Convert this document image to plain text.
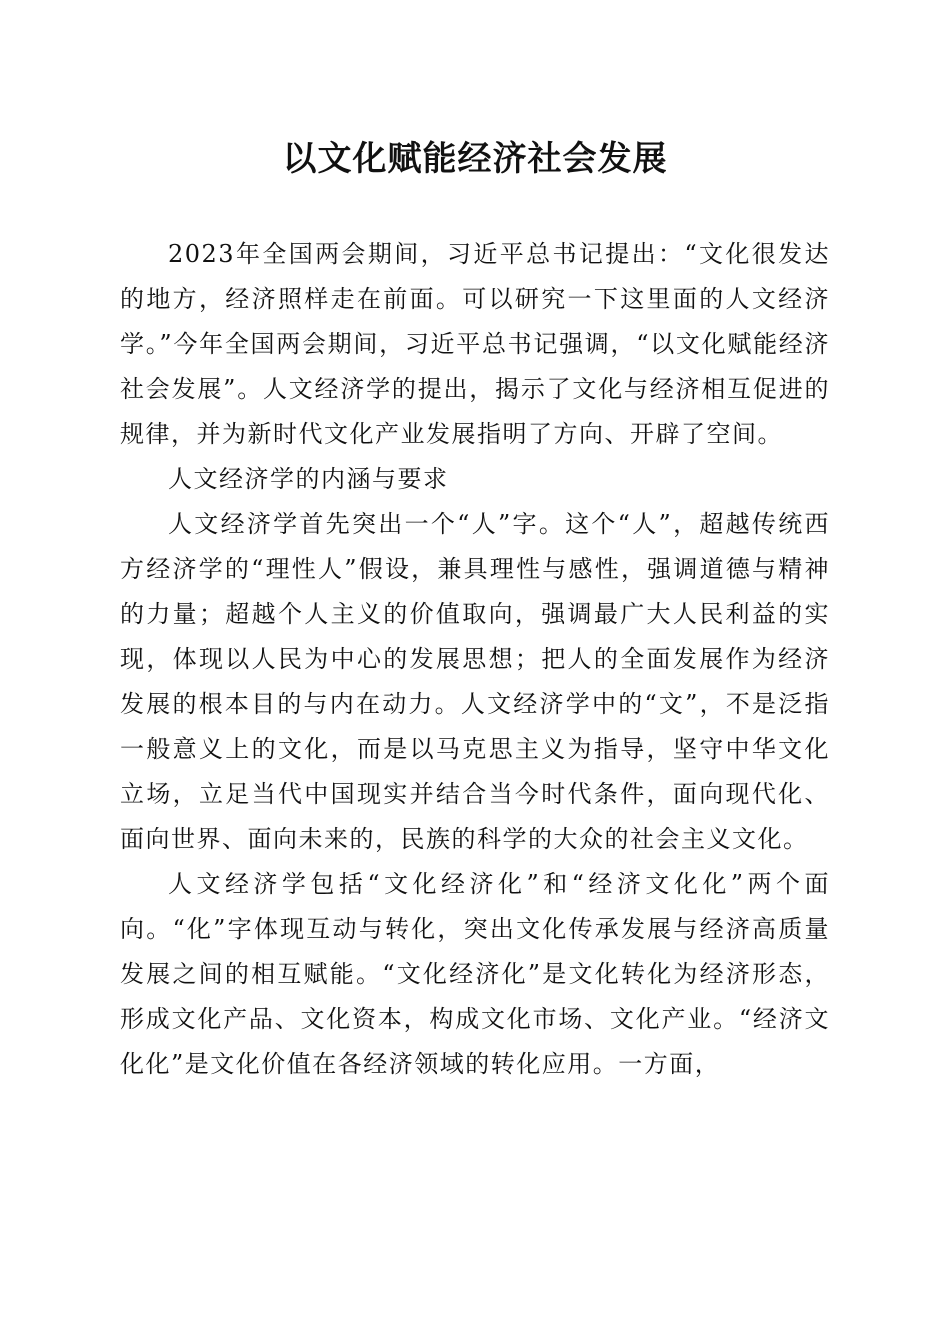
以文化赋能经济社会发展

2023年全国两会期间，习近平总书记提出：“文化很发达的地方，经济照样走在前面。可以研究一下这里面的人文经济学。”今年全国两会期间，习近平总书记强调，“以文化赋能经济社会发展”。人文经济学的提出，揭示了文化与经济相互促进的规律，并为新时代文化产业发展指明了方向、开辟了空间。

人文经济学的内涵与要求

人文经济学首先突出一个“人”字。这个“人”，超越传统西方经济学的“理性人”假设，兼具理性与感性，强调道德与精神的力量；超越个人主义的价值取向，强调最广大人民利益的实现，体现以人民为中心的发展思想；把人的全面发展作为经济发展的根本目的与内在动力。人文经济学中的“文”，不是泛指一般意义上的文化，而是以马克思主义为指导，坚守中华文化立场，立足当代中国现实并结合当今时代条件，面向现代化、面向世界、面向未来的，民族的科学的大众的社会主义文化。

人文经济学包括“文化经济化”和“经济文化化”两个面向。“化”字体现互动与转化，突出文化传承发展与经济高质量发展之间的相互赋能。“文化经济化”是文化转化为经济形态，形成文化产品、文化资本，构成文化市场、文化产业。“经济文化化”是文化价值在各经济领域的转化应用。一方面，
